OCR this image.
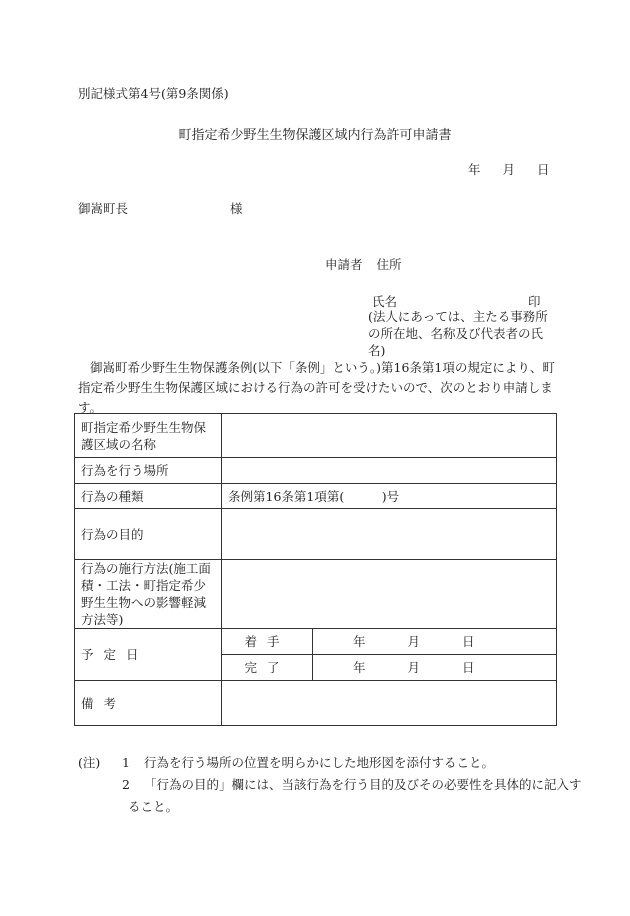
別記様式第4号(第9条関係)
町指定希少野生生物保護区域内行為許可申請書
年 月 日
御嵩町長	様
申請者 住所
氏名	印
(法人にあっては、主たる事務所の所在地、名称及び代表者の氏名)
御嵩町希少野生生物保護条例(以下「条例」という。)第16条第1項の規定により、町指定希少野生生物保護区域における行為の許可を受けたいので、次のとおり申請します。
町指定希少野生生物保護区域の名称		
行為を行う場所		
行為の種類	条例第16条第1項第(　　　)号	
行為の目的		
行為の施行方法(施工面積・工法・町指定希少野生生物への影響軽減方法等)		
予定日	着手	年 月 日
	完了	年 月 日
備考		
(注) 1 行為を行う場所の位置を明らかにした地形図を添付すること。
2 「行為の目的」欄には、当該行為を行う目的及びその必要性を具体的に記入す
ること。
